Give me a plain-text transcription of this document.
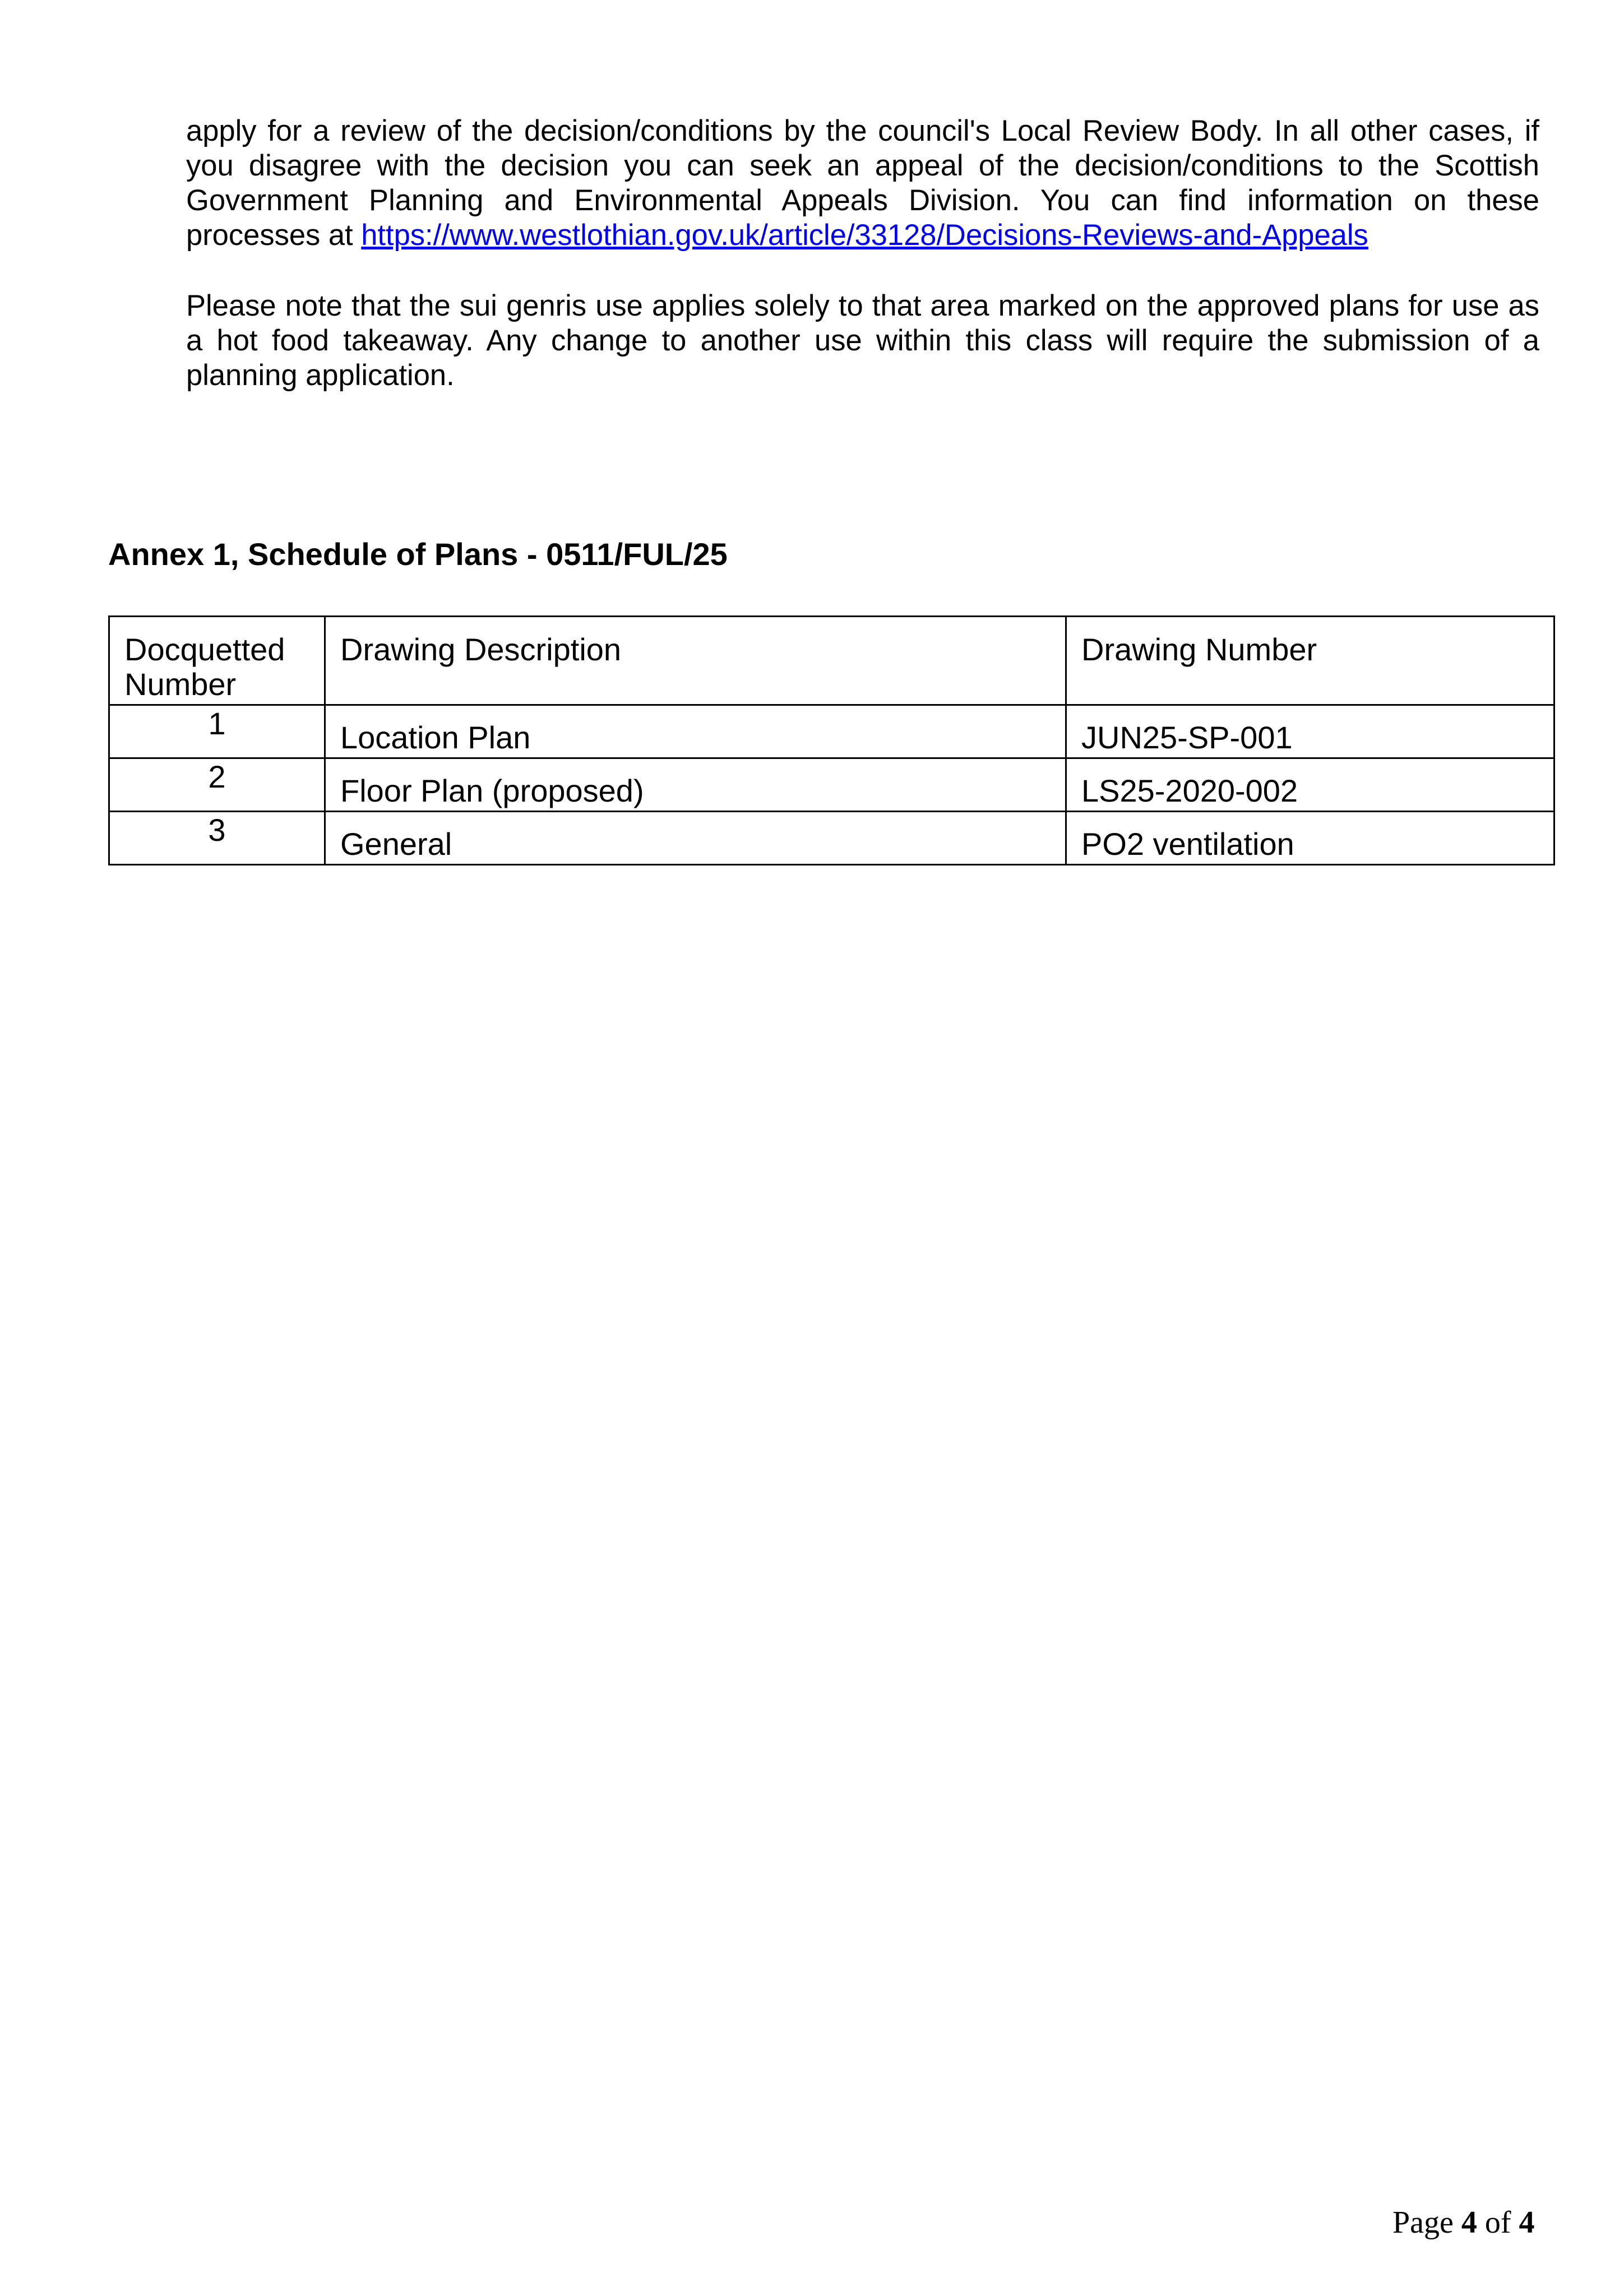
apply for a review of the decision/conditions by the council's Local Review Body. In all other cases, if you disagree with the decision you can seek an appeal of the decision/conditions to the Scottish Government Planning and Environmental Appeals Division. You can find information on these processes at https://www.westlothian.gov.uk/article/33128/Decisions-Reviews-and-Appeals

Please note that the sui genris use applies solely to that area marked on the approved plans for use as a hot food takeaway. Any change to another use within this class will require the submission of a planning application.

Annex 1, Schedule of Plans - 0511/FUL/25
Docquetted Number	Drawing Description	Drawing Number
1	Location Plan	JUN25-SP-001
2	Floor Plan (proposed)	LS25-2020-002
3	General	PO2 ventilation
Page 4 of 4
